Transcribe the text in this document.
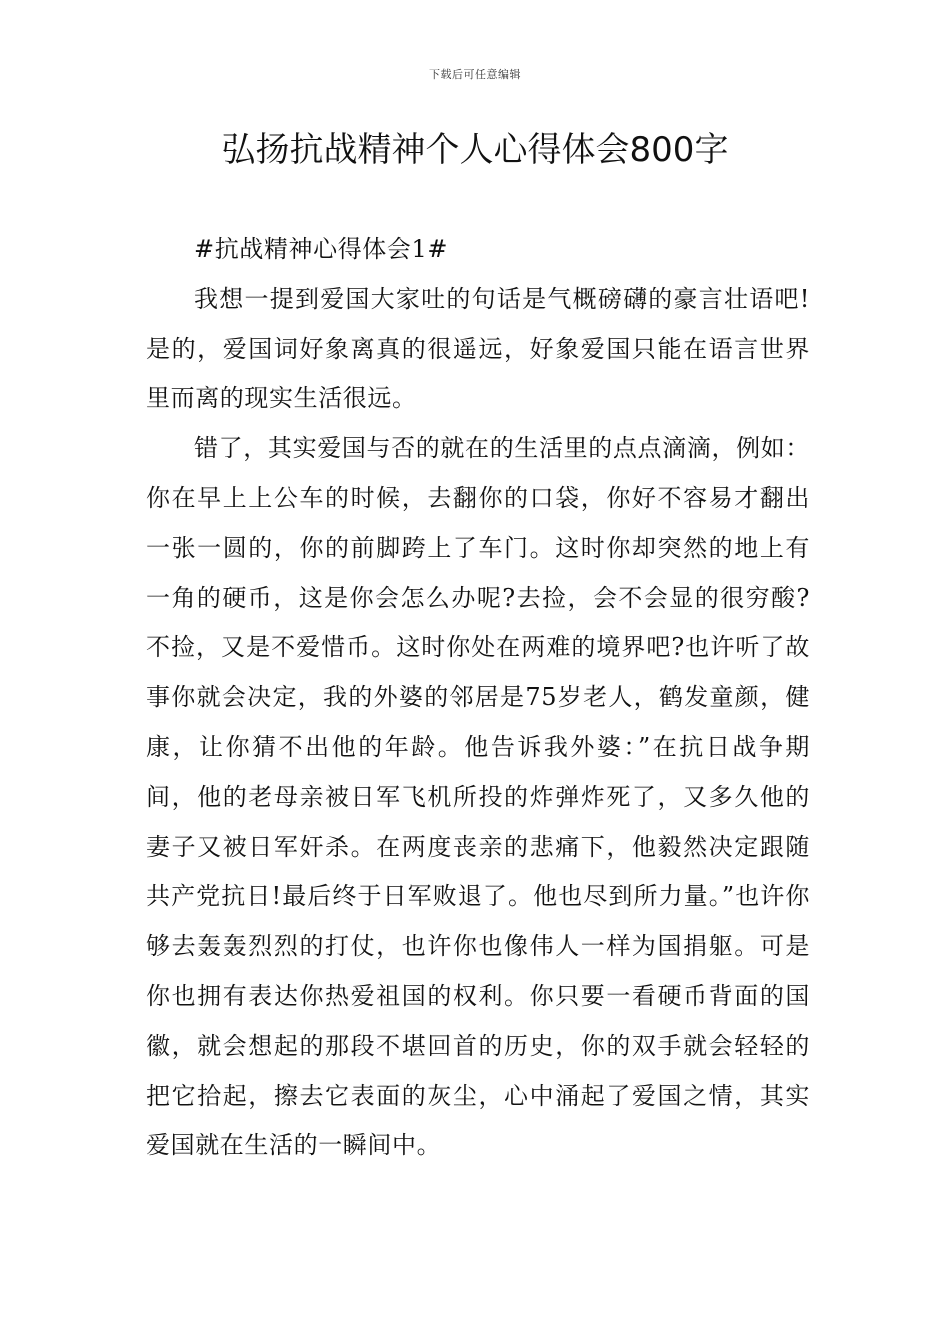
下载后可任意编辑
弘扬抗战精神个人心得体会800字

#抗战精神心得体会1#

我想一提到爱国大家吐的句话是气概磅礴的豪言壮语吧!是的，爱国词好象离真的很遥远，好象爱国只能在语言世界里而离的现实生活很远。

错了，其实爱国与否的就在的生活里的点点滴滴，例如：你在早上上公车的时候，去翻你的口袋，你好不容易才翻出一张一圆的，你的前脚跨上了车门。这时你却突然的地上有一角的硬币，这是你会怎么办呢?去捡，会不会显的很穷酸?不捡，又是不爱惜币。这时你处在两难的境界吧?也许听了故事你就会决定，我的外婆的邻居是75岁老人，鹤发童颜，健康，让你猜不出他的年龄。他告诉我外婆：”在抗日战争期间，他的老母亲被日军飞机所投的炸弹炸死了，又多久他的妻子又被日军奸杀。在两度丧亲的悲痛下，他毅然决定跟随共产党抗日!最后终于日军败退了。他也尽到所力量。”也许你够去轰轰烈烈的打仗，也许你也像伟人一样为国捐躯。可是你也拥有表达你热爱祖国的权利。你只要一看硬币背面的国徽，就会想起的那段不堪回首的历史，你的双手就会轻轻的把它拾起，擦去它表面的灰尘，心中涌起了爱国之情，其实爱国就在生活的一瞬间中。
